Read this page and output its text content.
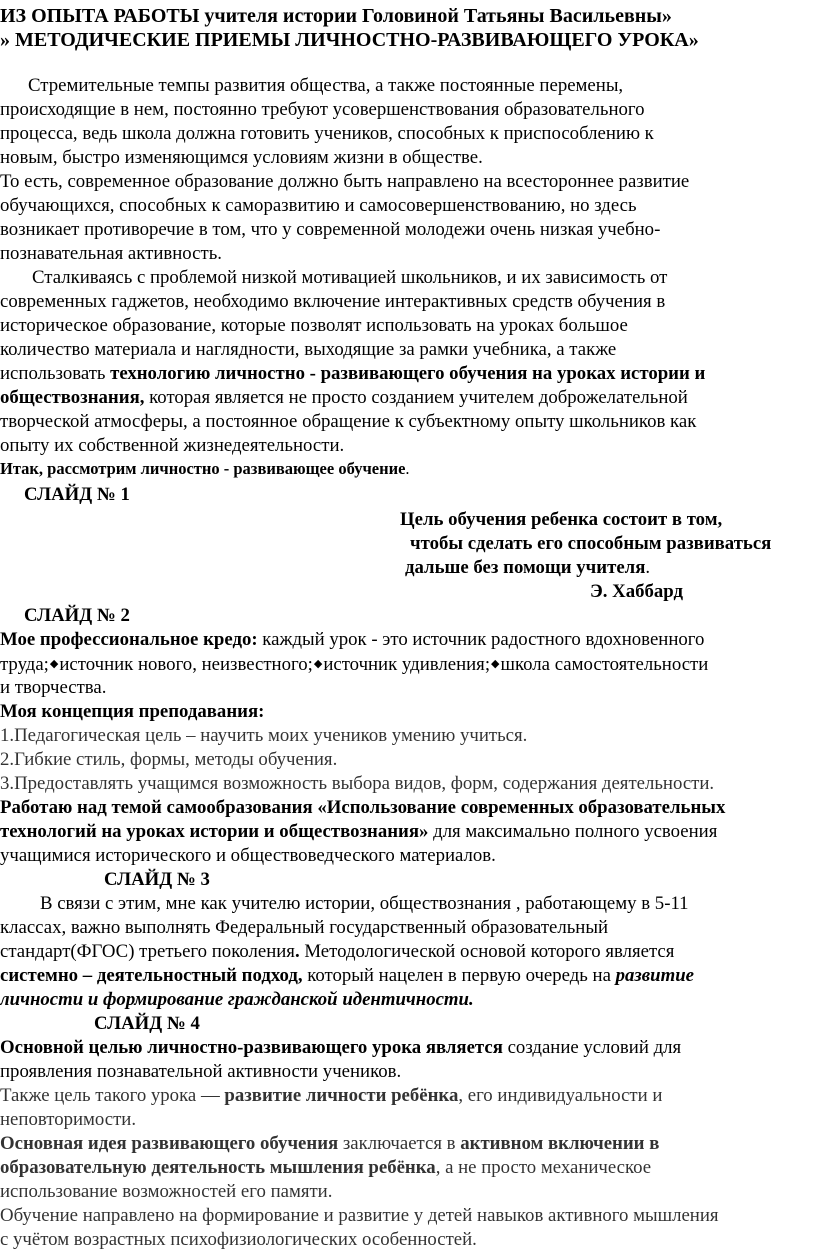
ИЗ ОПЫТА РАБОТЫ учителя истории Головиной Татьяны Васильевны»
» МЕТОДИЧЕСКИЕ ПРИЕМЫ ЛИЧНОСТНО-РАЗВИВАЮЩЕГО УРОКА»
Стремительные темпы развития общества, а также постоянные перемены,
происходящие в нем, постоянно требуют усовершенствования образовательного
процесса, ведь школа должна готовить учеников, способных к приспособлению к
новым, быстро изменяющимся условиям жизни в обществе.
То есть, современное образование должно быть направлено на всестороннее развитие
обучающихся, способных к саморазвитию и самосовершенствованию, но здесь
возникает противоречие в том, что у современной молодежи очень низкая учебно-
познавательная активность.
Сталкиваясь с проблемой низкой мотивацией школьников, и их зависимость от
современных гаджетов, необходимо включение интерактивных средств обучения в
историческое образование, которые позволят использовать на уроках большое
количество материала и наглядности, выходящие за рамки учебника, а также
использовать технологию личностно - развивающего обучения на уроках истории и
обществознания, которая является не просто созданием учителем доброжелательной
творческой атмосферы, а постоянное обращение к субъектному опыту школьников как
опыту их собственной жизнедеятельности.
Итак, рассмотрим личностно - развивающее обучение.
СЛАЙД № 1
Цель обучения ребенка состоит в том,
чтобы сделать его способным развиваться
дальше без помощи учителя.
Э. Хаббард
СЛАЙД № 2
Мое профессиональное кредо: каждый урок - это источник радостного вдохновенного
труда;◆источник нового, неизвестного;◆источник удивления;◆школа самостоятельности
и творчества.
Моя концепция преподавания:
1.Педагогическая цель – научить моих учеников умению учиться.
2.Гибкие стиль, формы, методы обучения.
3.Предоставлять учащимся возможность выбора видов, форм, содержания деятельности.
Работаю над темой самообразования «Использование современных образовательных
технологий на уроках истории и обществознания» для максимально полного усвоения
учащимися исторического и обществоведческого материалов.
СЛАЙД № 3
В связи с этим, мне как учителю истории, обществознания , работающему в 5-11
классах, важно выполнять Федеральный государственный образовательный
стандарт(ФГОС) третьего поколения. Методологической основой которого является
системно – деятельностный подход, который нацелен в первую очередь на развитие
личности и формирование гражданской идентичности.
СЛАЙД № 4
Основной целью личностно-развивающего урока является создание условий для
проявления познавательной активности учеников.
Также цель такого урока — развитие личности ребёнка, его индивидуальности и
неповторимости.
Основная идея развивающего обучения заключается в активном включении в
образовательную деятельность мышления ребёнка, а не просто механическое
использование возможностей его памяти.
Обучение направлено на формирование и развитие у детей навыков активного мышления
с учётом возрастных психофизиологических особенностей.
